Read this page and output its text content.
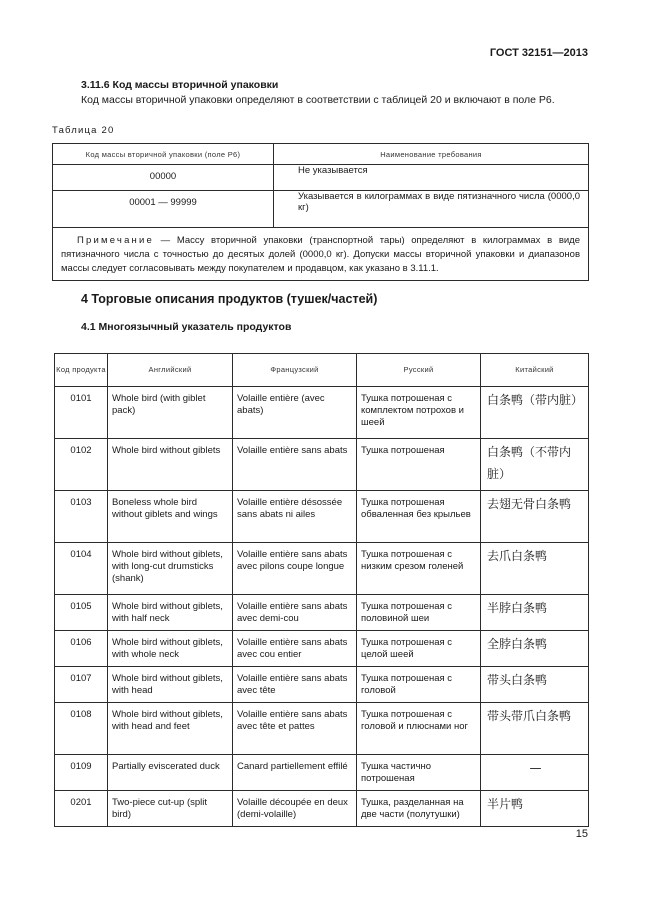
ГОСТ 32151—2013
3.11.6 Код массы вторичной упаковки
Код массы вторичной упаковки определяют в соответствии с таблицей 20 и включают в поле Р6.
Таблица 20
Код массы вторичной упаковки (поле Р6)	Наименование требования
00000	Не указывается
00001 — 99999	Указывается в килограммах в виде пятизначного числа (0000,0 кг)
Примечание — Массу вторичной упаковки (транспортной тары) определяют в килограммах в виде пятизначного числа с точностью до десятых долей (0000,0 кг). Допуски массы вторичной упаковки и диапазонов массы следует согласовывать между покупателем и продавцом, как указано в 3.11.1.	
4 Торговые описания продуктов (тушек/частей)
4.1 Многоязычный указатель продуктов
Код продукта	Английский	Французский	Русский	Китайский
0101	Whole bird (with giblet pack)	Volaille entière (avec abats)	Тушка потрошеная с комплектом потрохов и шеей	白条鸭（带内脏）
0102	Whole bird without giblets	Volaille entière sans abats	Тушка потрошеная	白条鸭（不带内脏）
0103	Boneless whole bird without giblets and wings	Volaille entière désossée sans abats ni ailes	Тушка потрошеная обваленная без крыльев	去翅无骨白条鸭
0104	Whole bird without giblets, with long-cut drumsticks (shank)	Volaille entière sans abats avec pilons coupe longue	Тушка потрошеная с низким срезом голеней	去爪白条鸭
0105	Whole bird without giblets, with half neck	Volaille entière sans abats avec demi-cou	Тушка потрошеная с половиной шеи	半脖白条鸭
0106	Whole bird without giblets, with whole neck	Volaille entière sans abats avec cou entier	Тушка потрошеная с целой шеей	全脖白条鸭
0107	Whole bird without giblets, with head	Volaille entière sans abats avec tête	Тушка потрошеная с головой	带头白条鸭
0108	Whole bird without giblets, with head and feet	Volaille entière sans abats avec tête et pattes	Тушка потрошеная с головой и плюснами ног	带头带爪白条鸭
0109	Partially eviscerated duck	Canard partiellement effilé	Тушка частично потрошеная	—
0201	Two-piece cut-up (split bird)	Volaille découpée en deux (demi-volaille)	Тушка, разделанная на две части (полутушки)	半片鸭
15
